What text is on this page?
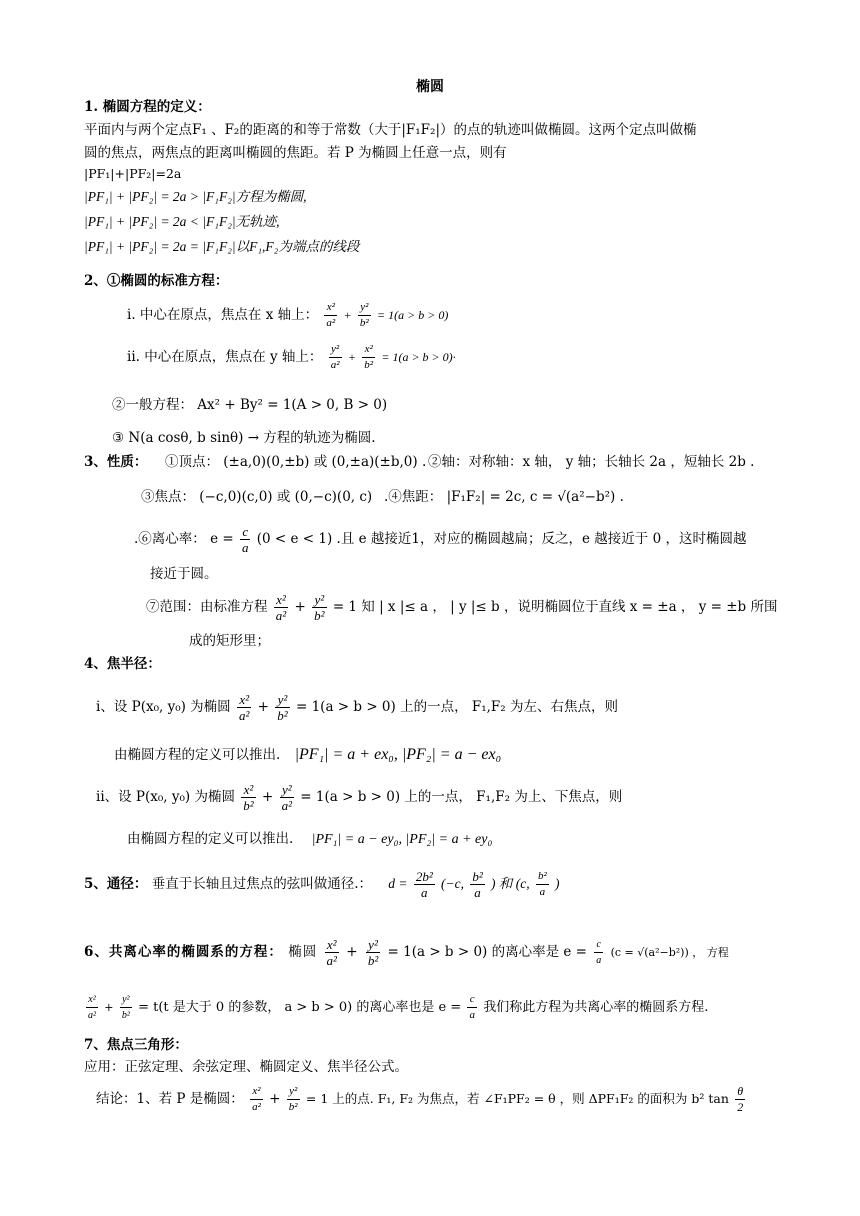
椭圆
1. 椭圆方程的定义：
平面内与两个定点F₁ 、F₂的距离的和等于常数（大于|F₁F₂|）的点的轨迹叫做椭圆。这两个定点叫做椭
圆的焦点，两焦点的距离叫椭圆的焦距。若 P 为椭圆上任意一点，则有
|PF₁|+|PF₂|=2a
|PF₁| + |PF₂| = 2a > |F₁F₂|方程为椭圆,
|PF₁| + |PF₂| = 2a < |F₁F₂|无轨迹,
|PF₁| + |PF₂| = 2a = |F₁F₂|以F₁,F₂为端点的线段
2、①椭圆的标准方程：
i. 中心在原点，焦点在 x 轴上： $\frac{\text{x²}}{\text{a²}} + \frac{\text{y²}}{\text{b²}} = 1(a > b > 0)$
ii. 中心在原点，焦点在 y 轴上： $\frac{\text{y²}}{\text{a²}} + \frac{\text{x²}}{\text{b²}} = 1(a > b > 0)\cdot$
②一般方程： Ax² + By² = 1(A > 0, B > 0)
③ N(a cosθ, b sinθ) → 方程的轨迹为椭圆.
3、性质： ①顶点： (±a,0)(0,±b) 或 (0,±a)(±b,0) . ②轴：对称轴：x 轴， y 轴；长轴长 2a ，短轴长 2b .
③焦点： (−c,0)(c,0) 或 (0,−c)(0, c) .④焦距： |F₁F₂| = 2c, c = √(a²−b²) .
.⑥离心率： $e = \frac{c}{a} (0 < e < 1)$ .且 e 越接近1，对应的椭圆越扁；反之，e 越接近于 0 ，这时椭圆越
接近于圆。
⑦范围：由标准方程 $\frac{\text{x²}}{\text{a²}} + \frac{\text{y²}}{\text{b²}} = 1$ 知 | x |≤ a ， | y |≤ b ，说明椭圆位于直线 x = ±a ， y = ±b 所围
成的矩形里；
4、焦半径：
i、设 P(x₀, y₀) 为椭圆 $\frac{\text{x²}}{\text{a²}} + \frac{\text{y²}}{\text{b²}} = 1(a > b > 0)$ 上的一点， F₁,F₂ 为左、右焦点，则
由椭圆方程的定义可以推出. |PF₁| = a + ex₀, |PF₂| = a − ex₀
ii、设 P(x₀, y₀) 为椭圆 $\frac{\text{x²}}{\text{b²}} + \frac{\text{y²}}{\text{a²}} = 1(a > b > 0)$ 上的一点， F₁,F₂ 为上、下焦点，则
由椭圆方程的定义可以推出. |PF₁| = a − ey₀, |PF₂| = a + ey₀
5、通径： 垂直于长轴且过焦点的弦叫做通径.： $d = \frac{\text{2b²}}{a} (-c$, $\frac{\text{b²}}{a}$ ) 和 (c, $\frac{\text{b²}}{a}$ )
6、共离心率的椭圆系的方程： 椭圆 $\frac{\text{x²}}{\text{a²}} + \frac{\text{y²}}{\text{b²}} = 1(a > b > 0)$ 的离心率是 $e = \frac{c}{a} (c = √(a^2-b^2))$ ， 方程
$\frac{\text{x²}}{\text{a²}} + \frac{\text{y²}}{\text{b²}} = t(t$ 是大于 0 的参数， a > b > 0) 的离心率也是 $e = \frac{c}{a}$ 我们称此方程为共离心率的椭圆系方程.
7、焦点三角形：
应用：正弦定理、余弦定理、椭圆定义、焦半径公式。
结论：1、若 P 是椭圆： $\frac{\text{x²}}{\text{a²}} + \frac{\text{y²}}{\text{b²}} = 1$ 上的点. F₁, F₂ 为焦点，若 ∠F₁PF₂ = θ ，则 ΔPF₁F₂ 的面积为 b² $\tan \frac{\theta}{2}$
